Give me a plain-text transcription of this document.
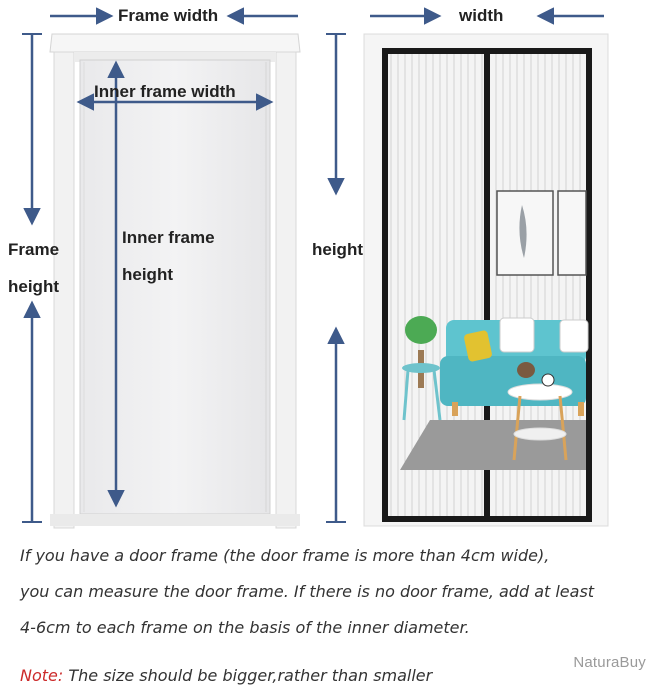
Frame width
Inner frame width
Frame
height
Inner frame
height
width
height

If you have a door frame (the door frame is more than 4cm wide),

you can measure the door frame. If there is no door frame, add at least

4-6cm to each frame on the basis of the inner diameter.

Note: The size should be bigger,rather than smaller
NaturaBuy
